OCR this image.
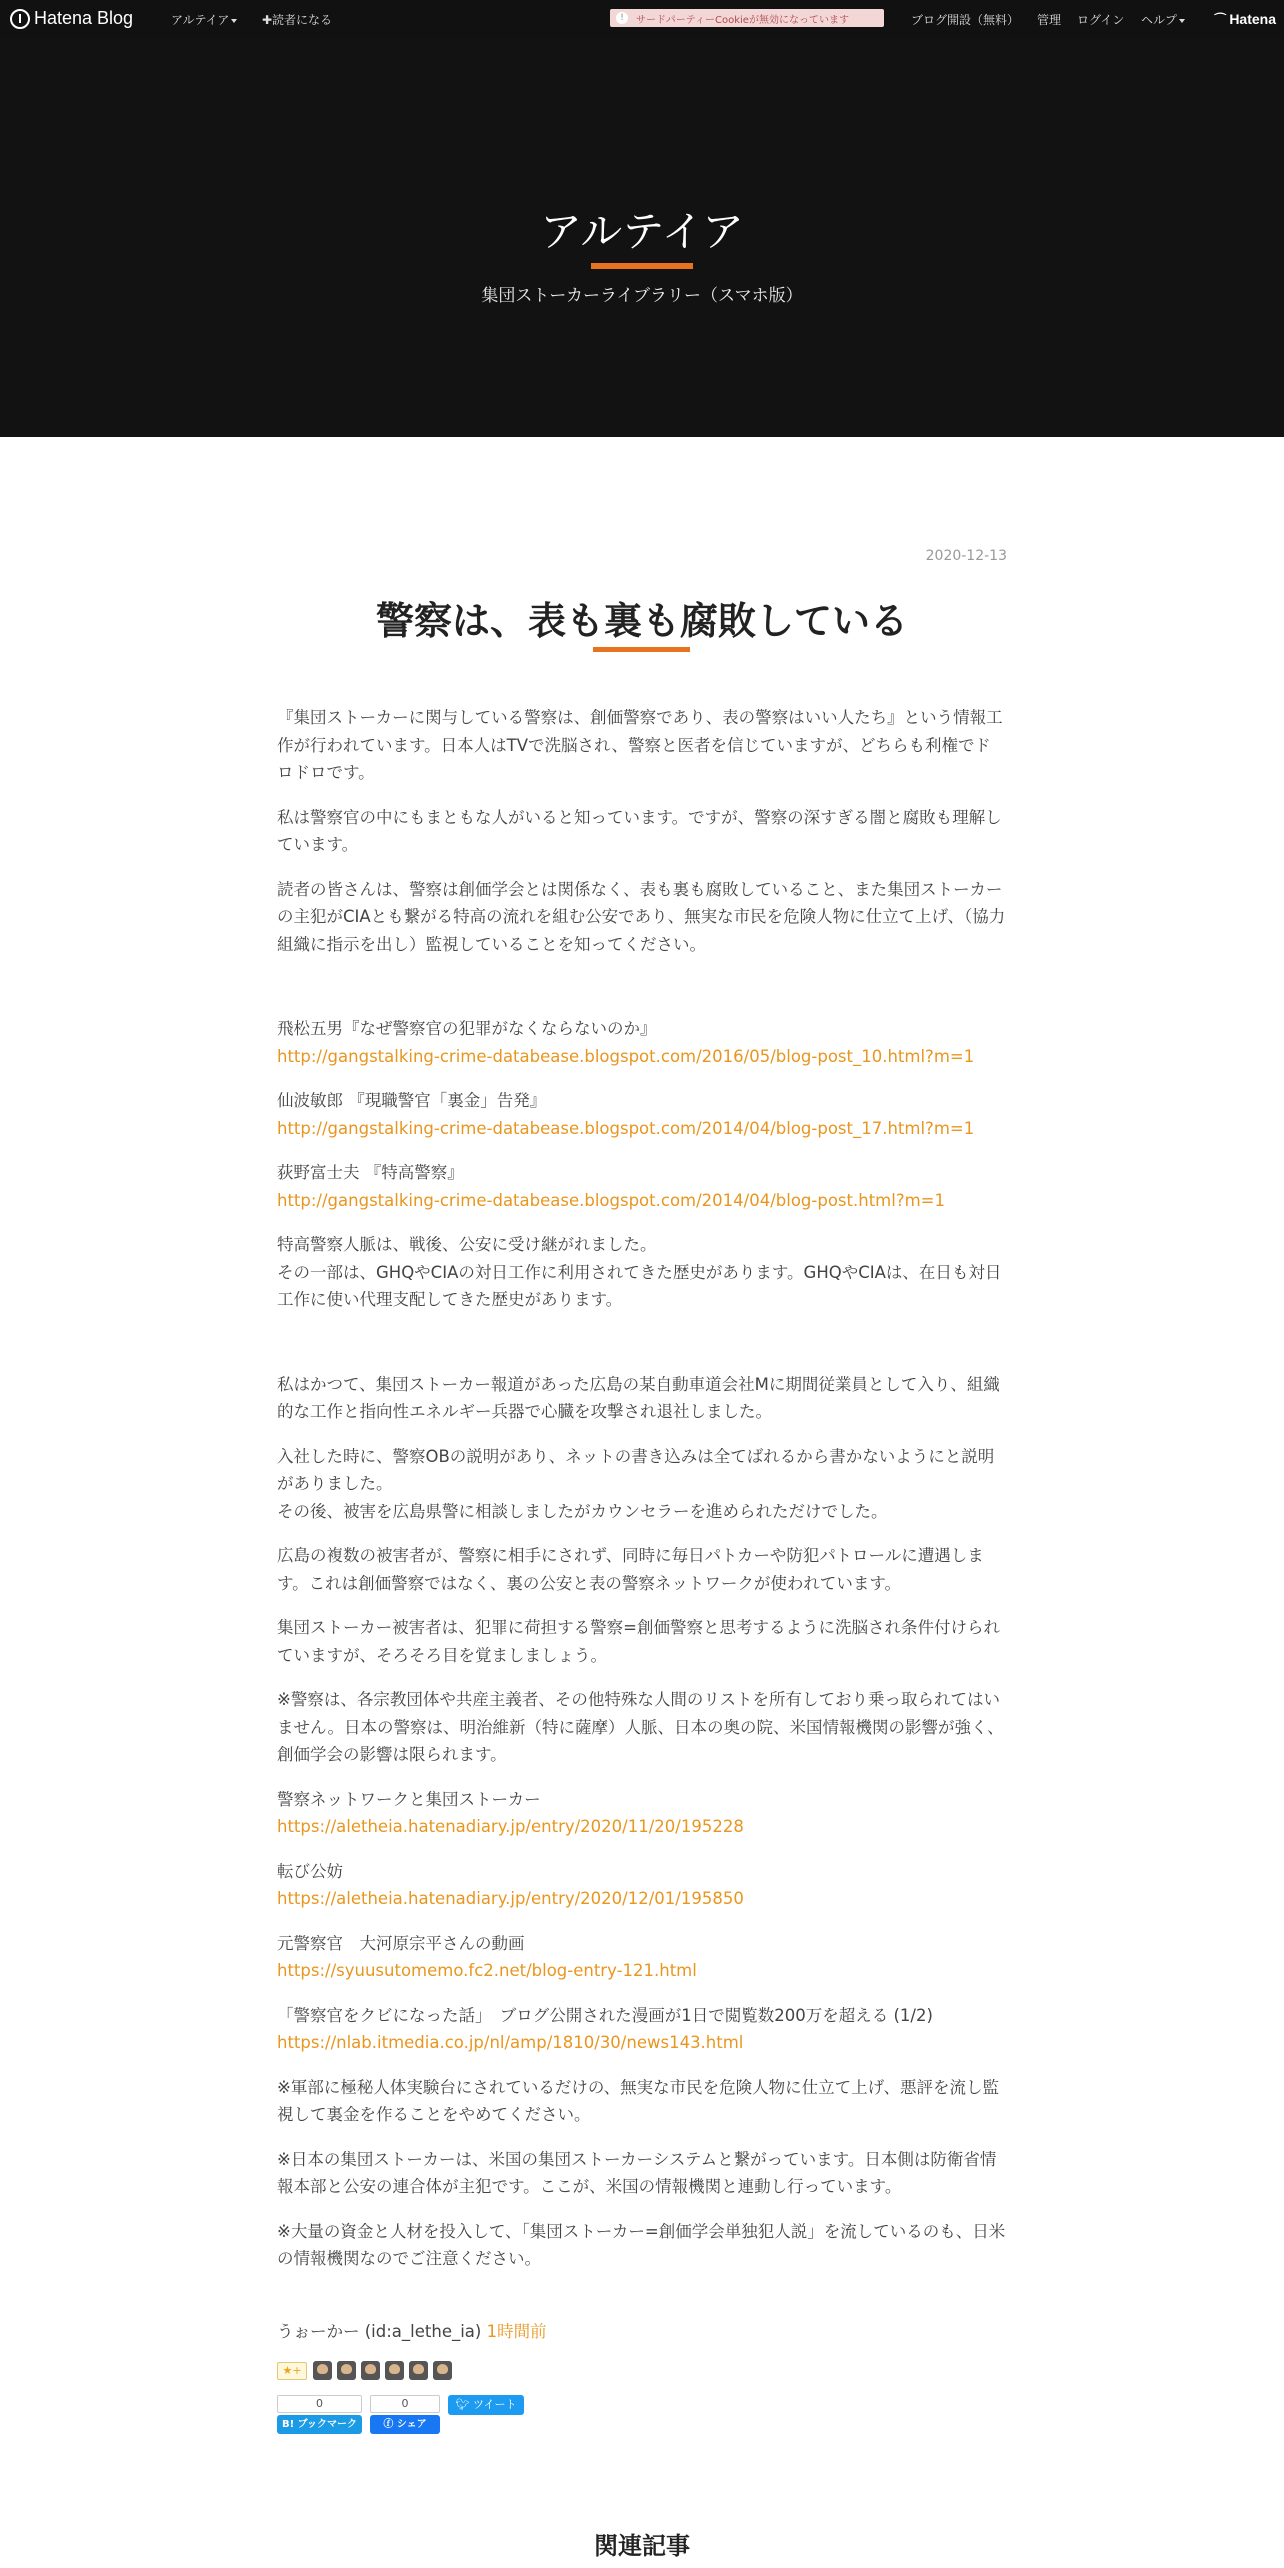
Hatena Blog	アルテイア	✚読者になる	!	サードパーティーCookieが無効になっています	ブログ開設（無料） 管理 ログイン ヘルプ	⌒ Hatena
アルテイア
集団ストーカーライブラリー（スマホ版）
2020-12-13
警察は、表も裏も腐敗している

『集団ストーカーに関与している警察は、創価警察であり、表の警察はいい人たち』という情報工作が行われています。日本人はTVで洗脳され、警察と医者を信じていますが、どちらも利権でドロドロです。

私は警察官の中にもまともな人がいると知っています。ですが、警察の深すぎる闇と腐敗も理解しています。

読者の皆さんは、警察は創価学会とは関係なく、表も裏も腐敗していること、また集団ストーカーの主犯がCIAとも繋がる特高の流れを組む公安であり、無実な市民を危険人物に仕立て上げ、（協力組織に指示を出し）監視していることを知ってください。

飛松五男『なぜ警察官の犯罪がなくならないのか』
http://gangstalking-crime-databease.blogspot.com/2016/05/blog-post_10.html?m=1

仙波敏郎 『現職警官「裏金」告発』
http://gangstalking-crime-databease.blogspot.com/2014/04/blog-post_17.html?m=1

荻野富士夫 『特高警察』
http://gangstalking-crime-databease.blogspot.com/2014/04/blog-post.html?m=1

特高警察人脈は、戦後、公安に受け継がれました。
その一部は、GHQやCIAの対日工作に利用されてきた歴史があります。GHQやCIAは、在日も対日工作に使い代理支配してきた歴史があります。

私はかつて、集団ストーカー報道があった広島の某自動車道会社Mに期間従業員として入り、組織的な工作と指向性エネルギー兵器で心臓を攻撃され退社しました。

入社した時に、警察OBの説明があり、ネットの書き込みは全てばれるから書かないようにと説明がありました。
その後、被害を広島県警に相談しましたがカウンセラーを進められただけでした。

広島の複数の被害者が、警察に相手にされず、同時に毎日パトカーや防犯パトロールに遭遇します。これは創価警察ではなく、裏の公安と表の警察ネットワークが使われています。

集団ストーカー被害者は、犯罪に荷担する警察=創価警察と思考するように洗脳され条件付けられていますが、そろそろ目を覚ましましょう。

※警察は、各宗教団体や共産主義者、その他特殊な人間のリストを所有しており乗っ取られてはいません。日本の警察は、明治維新（特に薩摩）人脈、日本の奥の院、米国情報機関の影響が強く、創価学会の影響は限られます。

警察ネットワークと集団ストーカー
https://aletheia.hatenadiary.jp/entry/2020/11/20/195228

転び公妨
https://aletheia.hatenadiary.jp/entry/2020/12/01/195850

元警察官　大河原宗平さんの動画
https://syuusutomemo.fc2.net/blog-entry-121.html

「警察官をクビになった話」　ブログ公開された漫画が1日で閲覧数200万を超える (1/2)
https://nlab.itmedia.co.jp/nl/amp/1810/30/news143.html

※軍部に極秘人体実験台にされているだけの、無実な市民を危険人物に仕立て上げ、悪評を流し監視して裏金を作ることをやめてください。

※日本の集団ストーカーは、米国の集団ストーカーシステムと繋がっています。日本側は防衛省情報本部と公安の連合体が主犯です。ここが、米国の情報機関と連動し行っています。

※大量の資金と人材を投入して、「集団ストーカー=創価学会単独犯人説」を流しているのも、日米の情報機関なのでご注意ください。

うぉーかー (id:a_lethe_ia) 1時間前
★+
0
B! ブックマーク
0
ⓕ シェア
🐦︎ ツイート
関連記事
